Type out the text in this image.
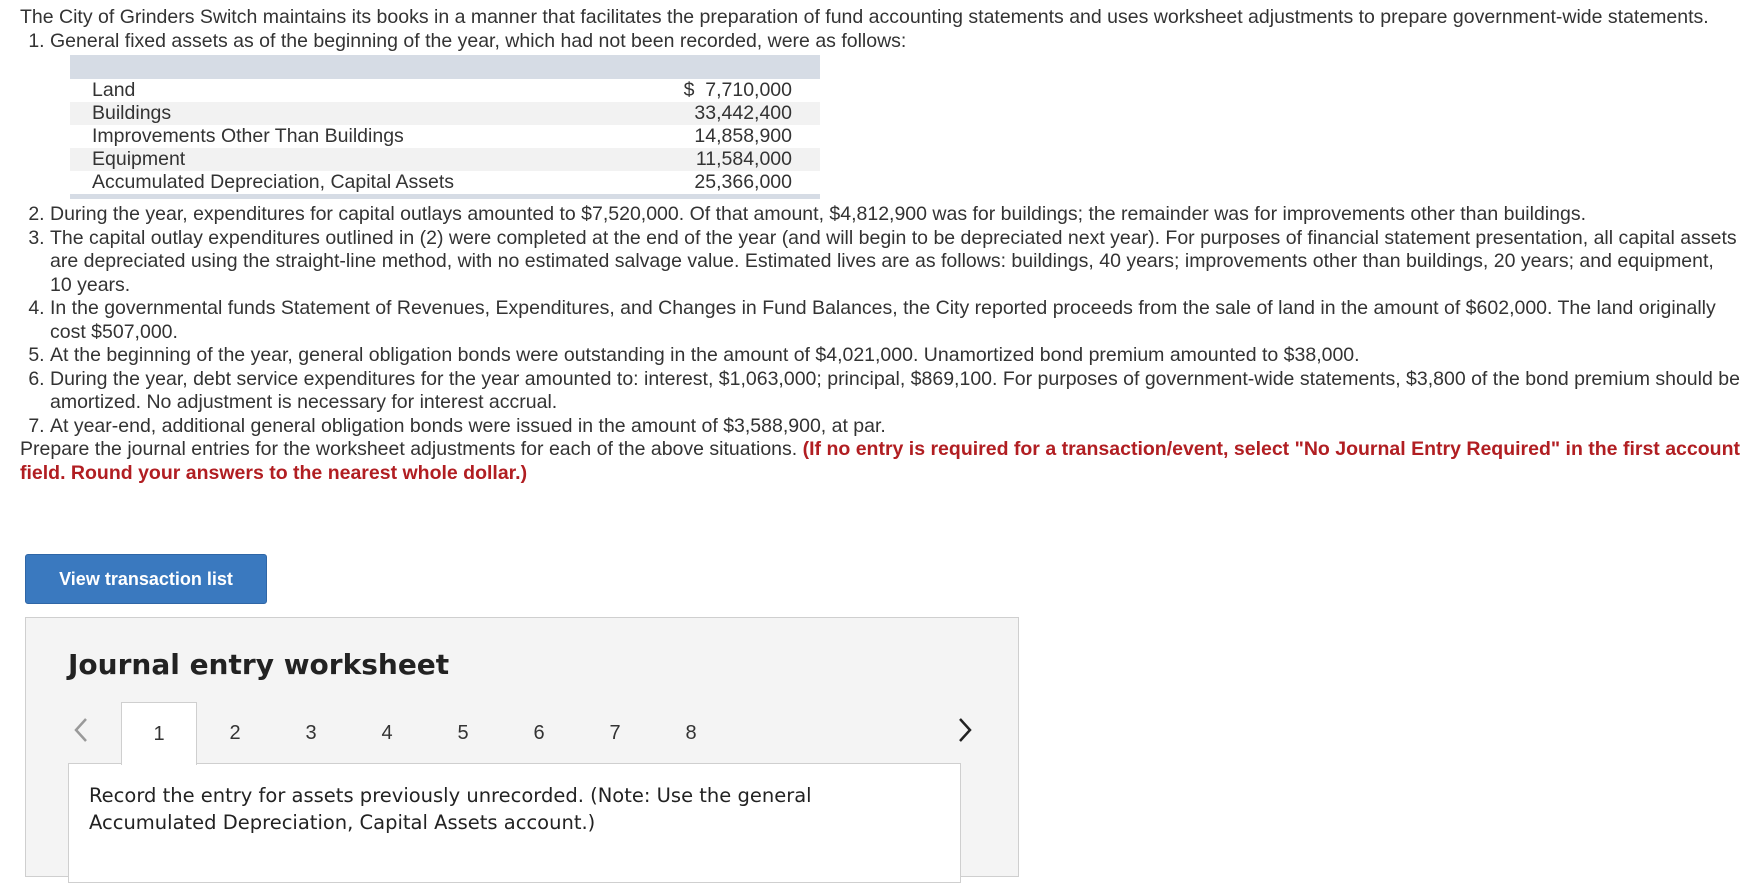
The City of Grinders Switch maintains its books in a manner that facilitates the preparation of fund accounting statements and uses worksheet adjustments to prepare government-wide statements.

1. General fixed assets as of the beginning of the year, which had not been recorded, were as follows:

Land	$  7,710,000
Buildings	33,442,400
Improvements Other Than Buildings	14,858,900
Equipment	11,584,000
Accumulated Depreciation, Capital Assets	25,366,000

2. During the year, expenditures for capital outlays amounted to $7,520,000. Of that amount, $4,812,900 was for buildings; the remainder was for improvements other than buildings.
3. The capital outlay expenditures outlined in (2) were completed at the end of the year (and will begin to be depreciated next year). For purposes of financial statement presentation, all capital assets are depreciated using the straight-line method, with no estimated salvage value. Estimated lives are as follows: buildings, 40 years; improvements other than buildings, 20 years; and equipment, 10 years.
4. In the governmental funds Statement of Revenues, Expenditures, and Changes in Fund Balances, the City reported proceeds from the sale of land in the amount of $602,000. The land originally cost $507,000.
5. At the beginning of the year, general obligation bonds were outstanding in the amount of $4,021,000. Unamortized bond premium amounted to $38,000.
6. During the year, debt service expenditures for the year amounted to: interest, $1,063,000; principal, $869,100. For purposes of government-wide statements, $3,800 of the bond premium should be amortized. No adjustment is necessary for interest accrual.
7. At year-end, additional general obligation bonds were issued in the amount of $3,588,900, at par.

Prepare the journal entries for the worksheet adjustments for each of the above situations. (If no entry is required for a transaction/event, select "No Journal Entry Required" in the first account field. Round your answers to the nearest whole dollar.)

View transaction list
Journal entry worksheet
1	2	3	4	5	6	7	8

Record the entry for assets previously unrecorded. (Note: Use the general Accumulated Depreciation, Capital Assets account.)
